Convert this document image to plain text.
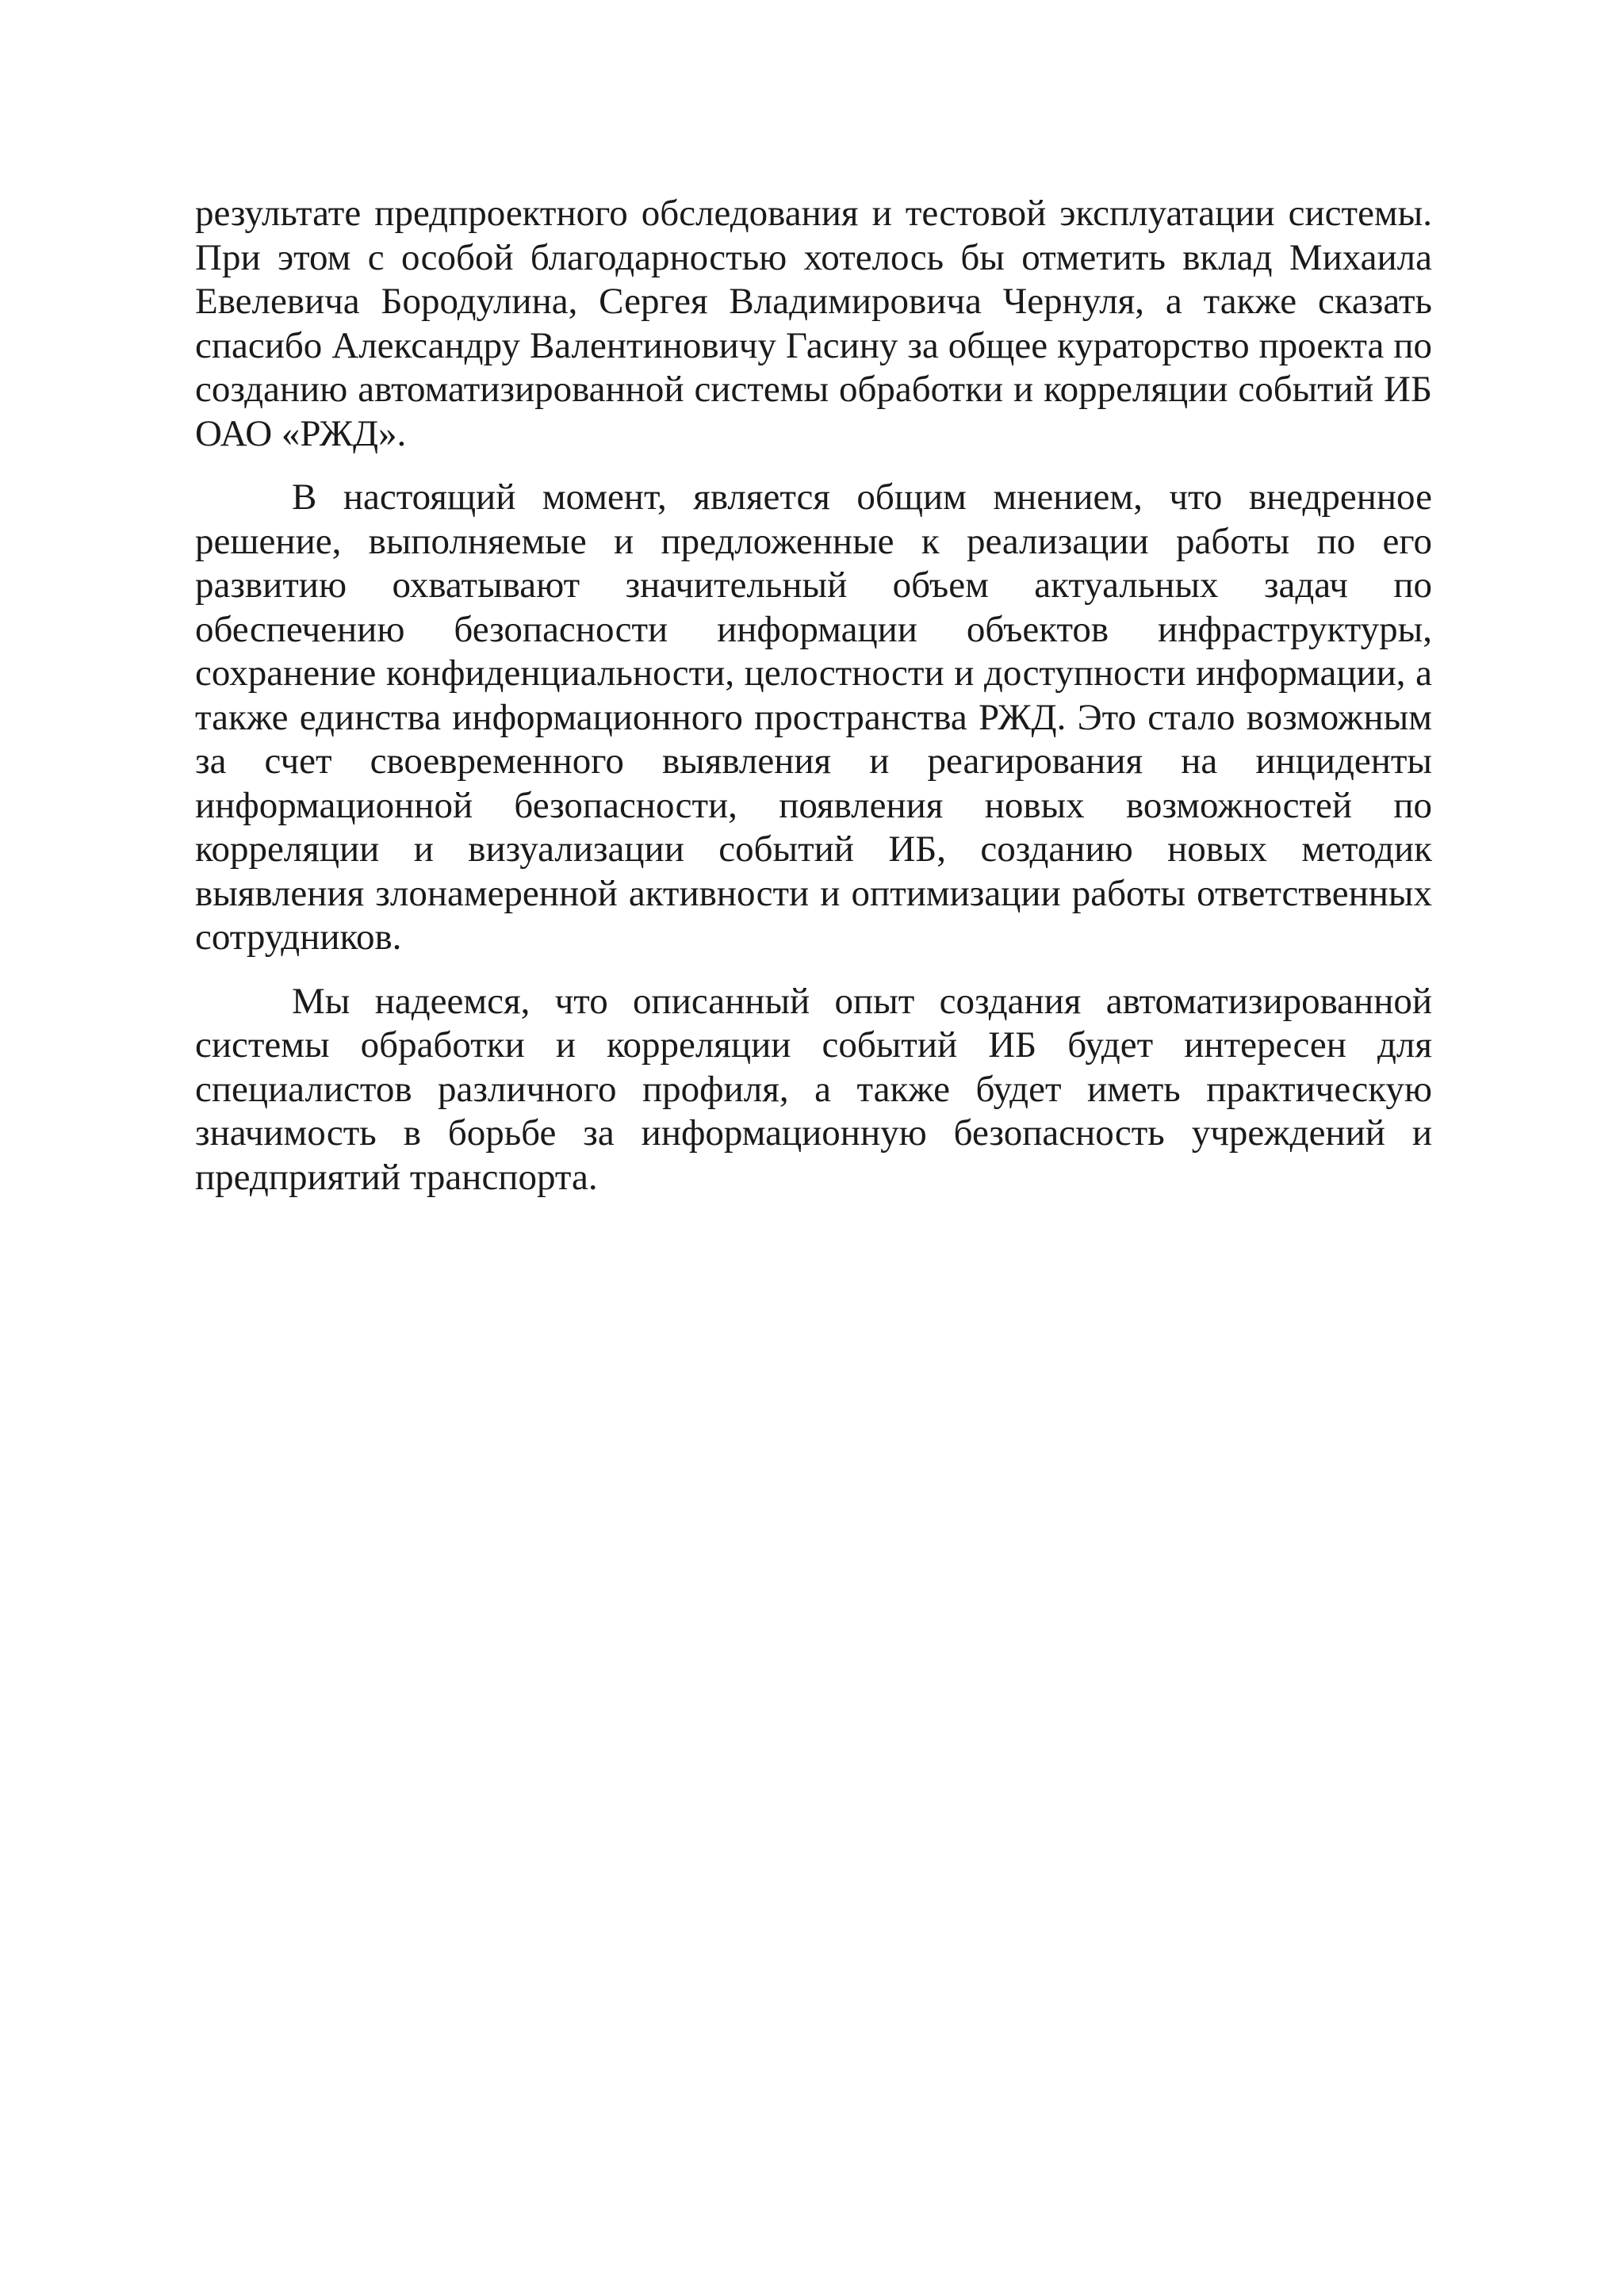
результате предпроектного обследования и тестовой эксплуатации системы. При этом с особой благодарностью хотелось бы отметить вклад Михаила Евелевича Бородулина, Сергея Владимировича Чернуля, а также сказать спасибо Александру Валентиновичу Гасину за общее кураторство проекта по созданию автоматизированной системы обработки и корреляции событий ИБ ОАО «РЖД».

В настоящий момент, является общим мнением, что внедренное решение, выполняемые и предложенные к реализации работы по его развитию охватывают значительный объем актуальных задач по обеспечению безопасности информации объектов инфраструктуры, сохранение конфиденциальности, целостности и доступности информации, а также единства информационного пространства РЖД. Это стало возможным за счет своевременного выявления и реагирования на инциденты информационной безопасности, появления новых возможностей по корреляции и визуализации событий ИБ, созданию новых методик выявления злонамеренной активности и оптимизации работы ответственных сотрудников.

Мы надеемся, что описанный опыт создания автоматизированной системы обработки и корреляции событий ИБ будет интересен для специалистов различного профиля, а также будет иметь практическую значимость в борьбе за информационную безопасность учреждений и предприятий транспорта.
